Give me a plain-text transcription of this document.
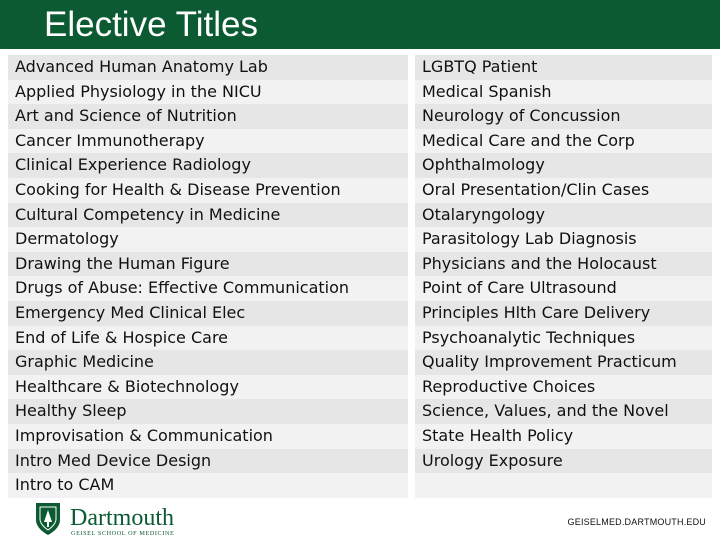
Elective Titles
Advanced Human Anatomy Lab
Applied Physiology in the NICU
Art and Science of Nutrition
Cancer Immunotherapy
Clinical Experience Radiology
Cooking for Health & Disease Prevention
Cultural Competency in Medicine
Dermatology
Drawing the Human Figure
Drugs of Abuse: Effective Communication
Emergency Med Clinical Elec
End of Life & Hospice Care
Graphic Medicine
Healthcare & Biotechnology
Healthy Sleep
Improvisation & Communication
Intro Med Device Design
Intro to CAM
LGBTQ Patient
Medical Spanish
Neurology of Concussion
Medical Care and the Corp
Ophthalmology
Oral Presentation/Clin Cases
Otalaryngology
Parasitology Lab Diagnosis
Physicians and the Holocaust
Point of Care Ultrasound
Principles Hlth Care Delivery
Psychoanalytic Techniques
Quality Improvement Practicum
Reproductive Choices
Science, Values, and the Novel
State Health Policy
Urology Exposure
Dartmouth
GEISEL SCHOOL OF MEDICINE
GEISELMED.DARTMOUTH.EDU
